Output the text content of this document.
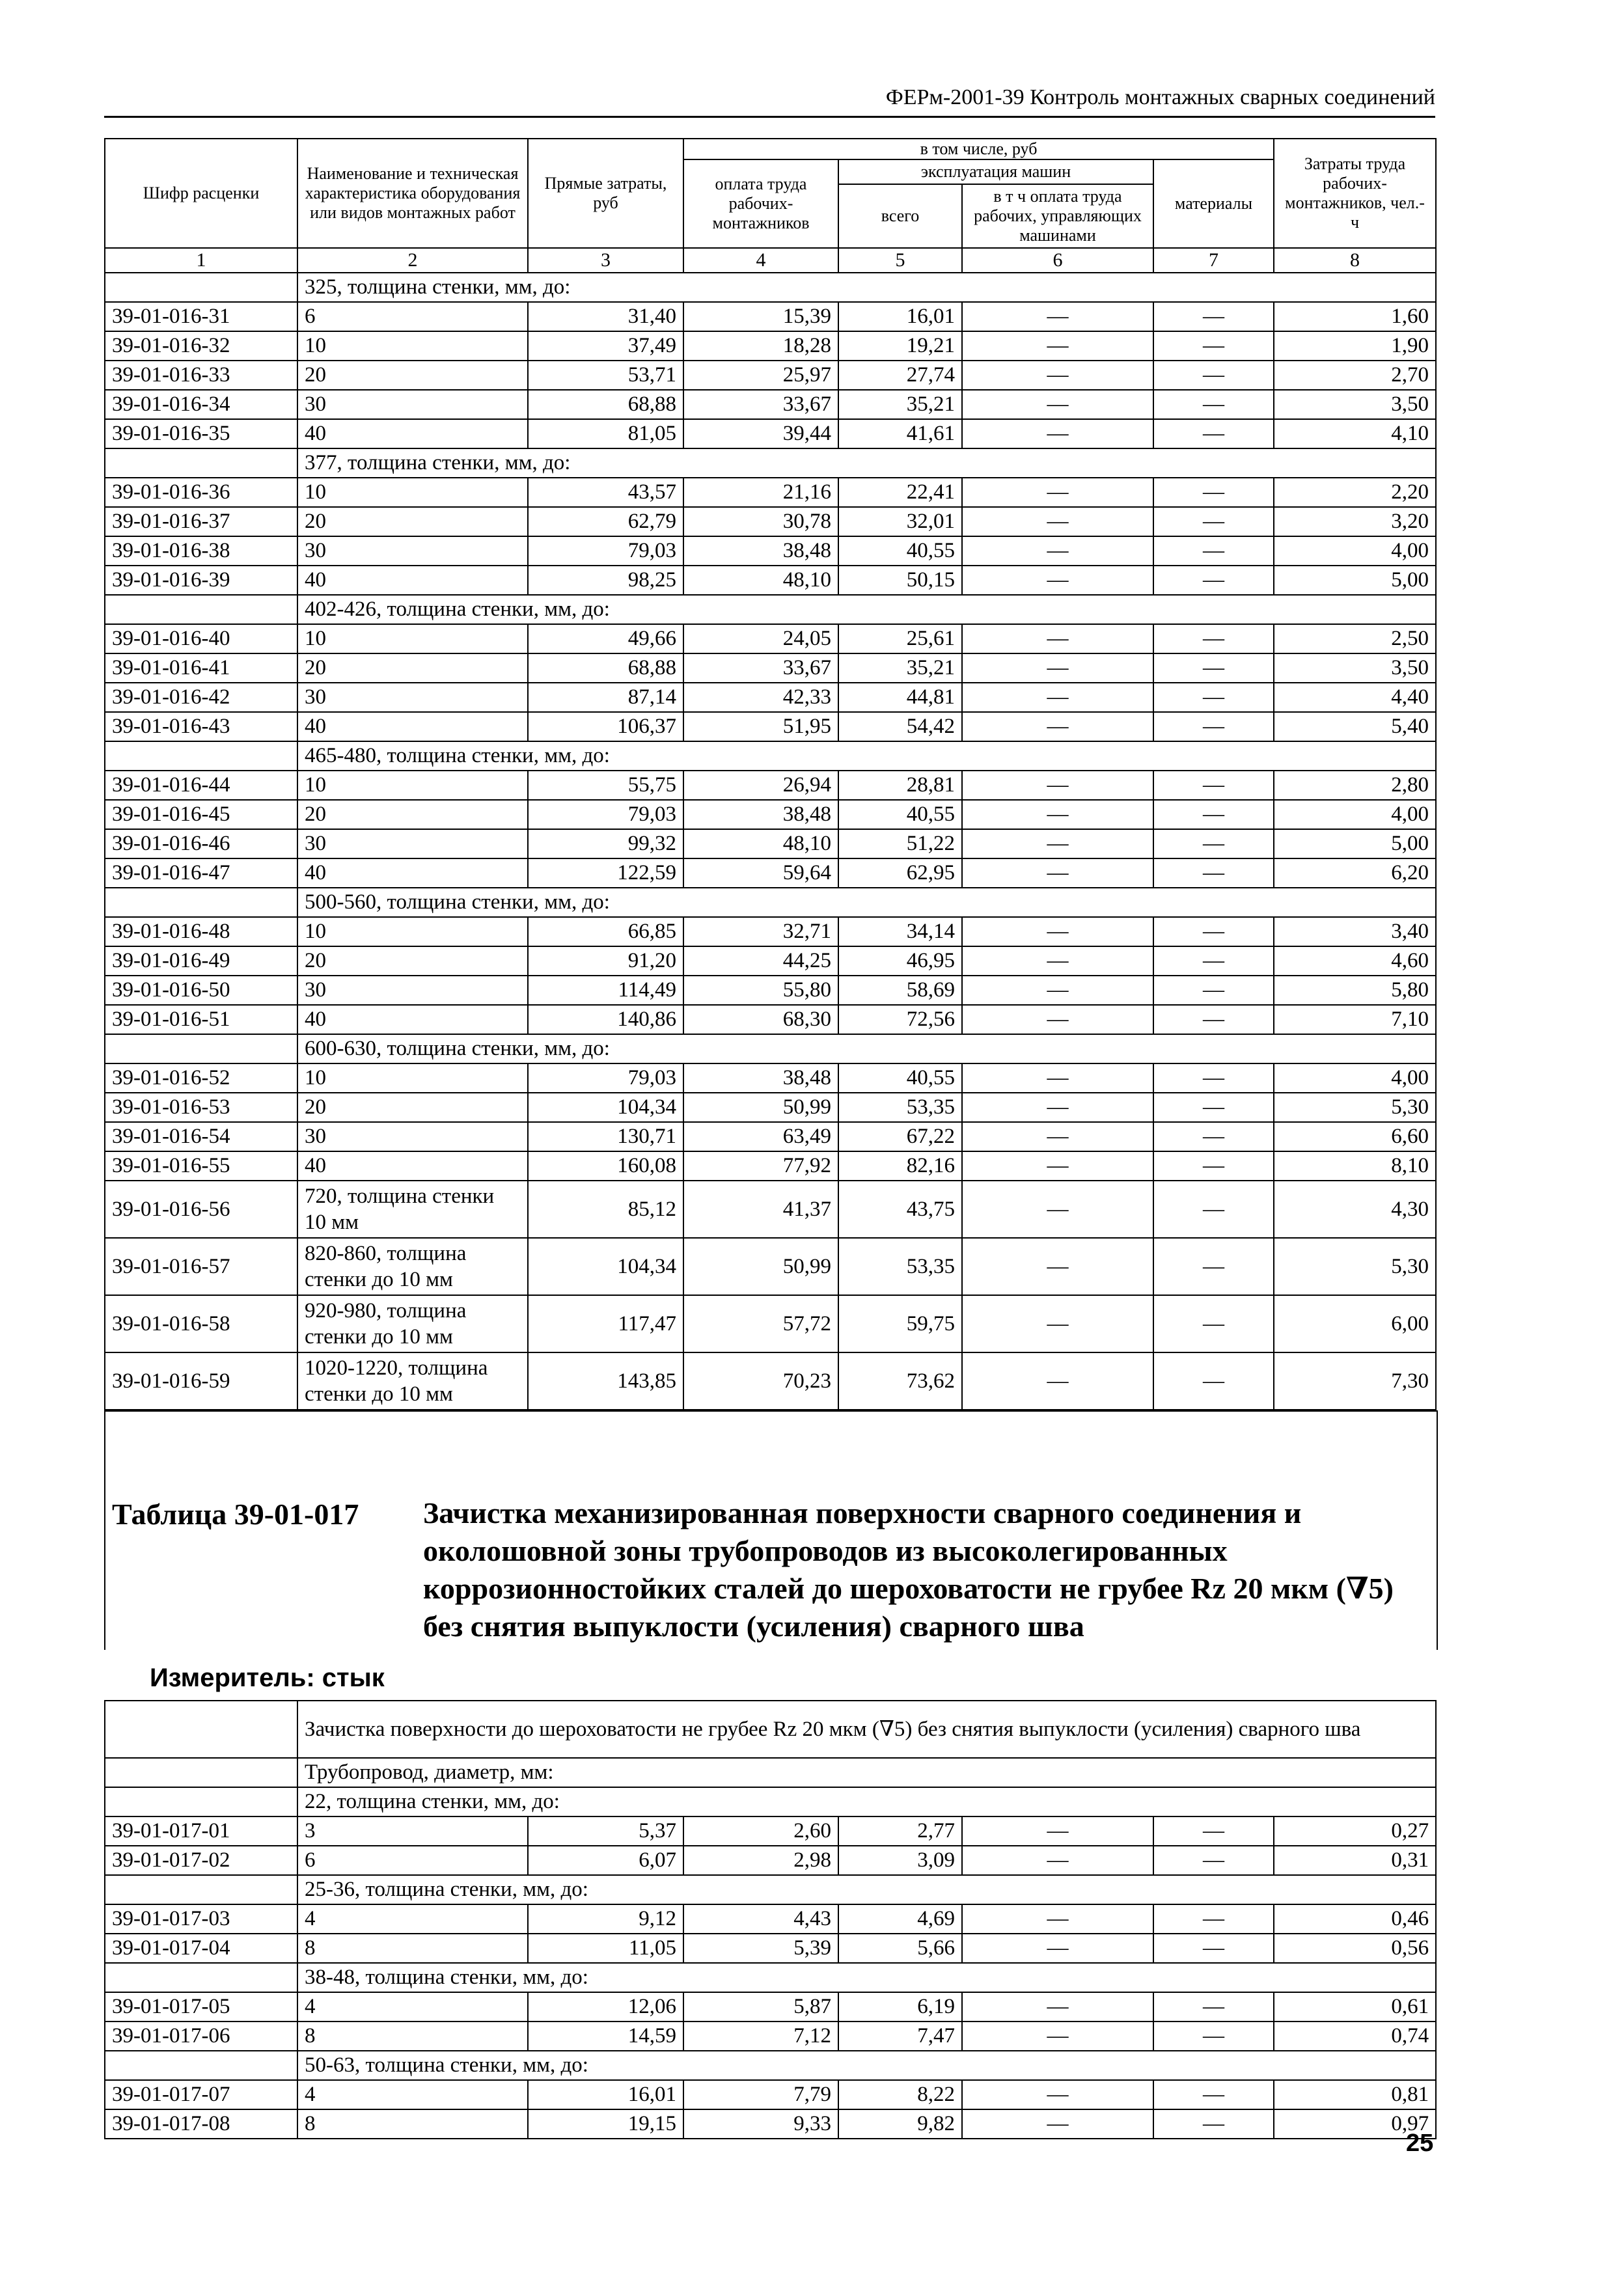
ФЕРм-2001-39 Контроль монтажных сварных соединений
Шифр расценки	Наименование и техническая характеристика оборудования или видов монтажных работ	Прямые затраты, руб	в том числе, руб				Затраты труда рабочих-монтажников, чел.-ч
			оплата труда рабочих-монтажников	эксплуатация машин		материалы	
				всего	в т ч оплата труда рабочих, управляющих машинами		
1	2	3	4	5	6	7	8
	325, толщина стенки, мм, до:						
39-01-016-31	6	31,40	15,39	16,01	—	—	1,60
39-01-016-32	10	37,49	18,28	19,21	—	—	1,90
39-01-016-33	20	53,71	25,97	27,74	—	—	2,70
39-01-016-34	30	68,88	33,67	35,21	—	—	3,50
39-01-016-35	40	81,05	39,44	41,61	—	—	4,10
	377, толщина стенки, мм, до:						
39-01-016-36	10	43,57	21,16	22,41	—	—	2,20
39-01-016-37	20	62,79	30,78	32,01	—	—	3,20
39-01-016-38	30	79,03	38,48	40,55	—	—	4,00
39-01-016-39	40	98,25	48,10	50,15	—	—	5,00
	402-426, толщина стенки, мм, до:						
39-01-016-40	10	49,66	24,05	25,61	—	—	2,50
39-01-016-41	20	68,88	33,67	35,21	—	—	3,50
39-01-016-42	30	87,14	42,33	44,81	—	—	4,40
39-01-016-43	40	106,37	51,95	54,42	—	—	5,40
	465-480, толщина стенки, мм, до:						
39-01-016-44	10	55,75	26,94	28,81	—	—	2,80
39-01-016-45	20	79,03	38,48	40,55	—	—	4,00
39-01-016-46	30	99,32	48,10	51,22	—	—	5,00
39-01-016-47	40	122,59	59,64	62,95	—	—	6,20
	500-560, толщина стенки, мм, до:						
39-01-016-48	10	66,85	32,71	34,14	—	—	3,40
39-01-016-49	20	91,20	44,25	46,95	—	—	4,60
39-01-016-50	30	114,49	55,80	58,69	—	—	5,80
39-01-016-51	40	140,86	68,30	72,56	—	—	7,10
	600-630, толщина стенки, мм, до:						
39-01-016-52	10	79,03	38,48	40,55	—	—	4,00
39-01-016-53	20	104,34	50,99	53,35	—	—	5,30
39-01-016-54	30	130,71	63,49	67,22	—	—	6,60
39-01-016-55	40	160,08	77,92	82,16	—	—	8,10
39-01-016-56	720, толщина стенки 10 мм	85,12	41,37	43,75	—	—	4,30
39-01-016-57	820-860, толщина стенки до 10 мм	104,34	50,99	53,35	—	—	5,30
39-01-016-58	920-980, толщина стенки до 10 мм	117,47	57,72	59,75	—	—	6,00
39-01-016-59	1020-1220, толщина стенки до 10 мм	143,85	70,23	73,62	—	—	7,30
Таблица 39-01-017 Зачистка механизированная поверхности сварного соединения и околошовной зоны трубопроводов из высоколегированных коррозионностойких сталей до шероховатости не грубее Rz 20 мкм (∇5) без снятия выпуклости (усиления) сварного шва
Измеритель: стык
	Зачистка поверхности до шероховатости не грубее Rz 20 мкм (∇5) без снятия выпуклости (усиления) сварного шва						
	Трубопровод, диаметр, мм:						
	22, толщина стенки, мм, до:						
39-01-017-01	3	5,37	2,60	2,77	—	—	0,27
39-01-017-02	6	6,07	2,98	3,09	—	—	0,31
	25-36, толщина стенки, мм, до:						
39-01-017-03	4	9,12	4,43	4,69	—	—	0,46
39-01-017-04	8	11,05	5,39	5,66	—	—	0,56
	38-48, толщина стенки, мм, до:						
39-01-017-05	4	12,06	5,87	6,19	—	—	0,61
39-01-017-06	8	14,59	7,12	7,47	—	—	0,74
	50-63, толщина стенки, мм, до:						
39-01-017-07	4	16,01	7,79	8,22	—	—	0,81
39-01-017-08	8	19,15	9,33	9,82	—	—	0,97
25
